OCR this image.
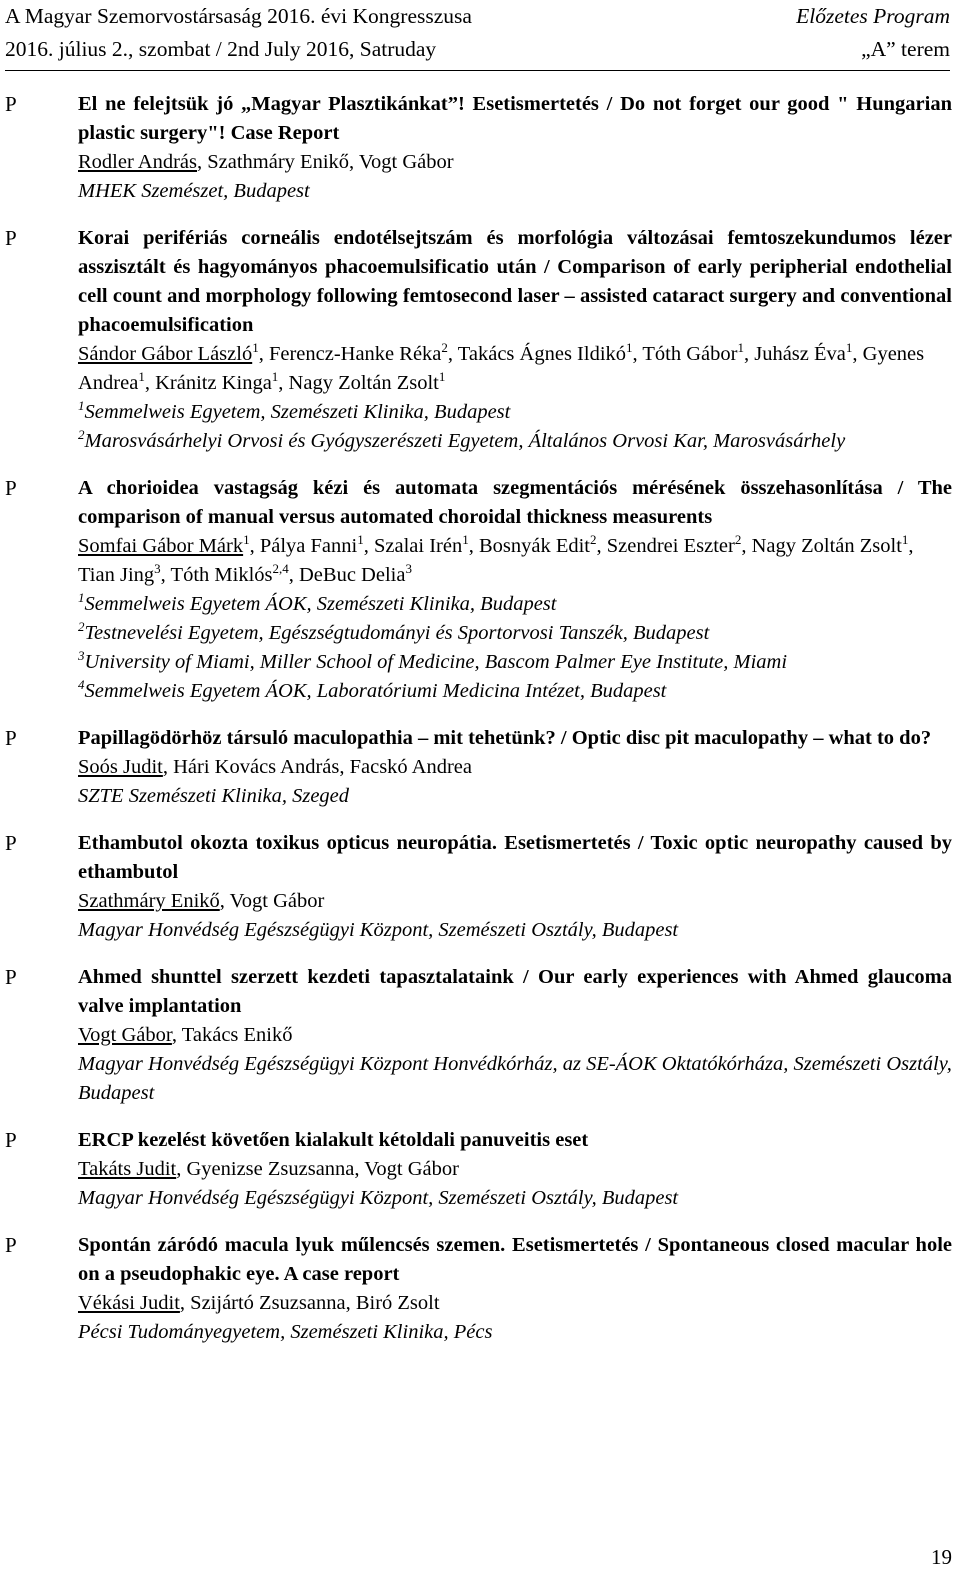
A Magyar Szemorvostársaság 2016. évi Kongresszusa	Előzetes Program
2016. július 2., szombat / 2nd July 2016, Satruday	„A” terem
P	El ne felejtsük jó „Magyar Plasztikánkat”! Esetismertetés / Do not forget our good " Hungarian plastic surgery"! Case Report
Rodler András, Szathmáry Enikő, Vogt Gábor
MHEK Szemészet, Budapest
P	Korai perifériás corneális endotélsejtszám és morfológia változásai femtoszekundumos lézer asszisztált és hagyományos phacoemulsificatio után / Comparison of early peripherial endothelial cell count and morphology following femtosecond laser – assisted cataract surgery and conventional phacoemulsification
Sándor Gábor László$^1$, Ferencz-Hanke Réka$^2$, Takács Ágnes Ildikó$^1$, Tóth Gábor$^1$, Juhász Éva$^1$, Gyenes Andrea$^1$, Kránitz Kinga$^1$, Nagy Zoltán Zsolt$^1$
$^1$Semmelweis Egyetem, Szemészeti Klinika, Budapest
$^2$Marosvásárhelyi Orvosi és Gyógyszerészeti Egyetem, Általános Orvosi Kar, Marosvásárhely
P	A chorioidea vastagság kézi és automata szegmentációs mérésének összehasonlítása / The comparison of manual versus automated choroidal thickness measurents
Somfai Gábor Márk$^1$, Pálya Fanni$^1$, Szalai Irén$^1$, Bosnyák Edit$^2$, Szendrei Eszter$^2$, Nagy Zoltán Zsolt$^1$, Tian Jing$^3$, Tóth Miklós$^{2,4}$, DeBuc Delia$^3$
$^1$Semmelweis Egyetem ÁOK, Szemészeti Klinika, Budapest
$^2$Testnevelési Egyetem, Egészségtudományi és Sportorvosi Tanszék, Budapest
$^3$University of Miami, Miller School of Medicine, Bascom Palmer Eye Institute, Miami
$^4$Semmelweis Egyetem ÁOK, Laboratóriumi Medicina Intézet, Budapest
P	Papillagödörhöz társuló maculopathia – mit tehetünk? / Optic disc pit maculopathy – what to do?
Soós Judit, Hári Kovács András, Facskó Andrea
SZTE Szemészeti Klinika, Szeged
P	Ethambutol okozta toxikus opticus neuropátia. Esetismertetés / Toxic optic neuropathy caused by ethambutol
Szathmáry Enikő, Vogt Gábor
Magyar Honvédség Egészségügyi Központ, Szemészeti Osztály, Budapest
P	Ahmed shunttel szerzett kezdeti tapasztalataink / Our early experiences with Ahmed glaucoma valve implantation
Vogt Gábor, Takács Enikő
Magyar Honvédség Egészségügyi Központ Honvédkórház, az SE-ÁOK Oktatókórháza, Szemészeti Osztály, Budapest
P	ERCP kezelést követően kialakult kétoldali panuveitis eset
Takáts Judit, Gyenizse Zsuzsanna, Vogt Gábor
Magyar Honvédség Egészségügyi Központ, Szemészeti Osztály, Budapest
P	Spontán záródó macula lyuk műlencsés szemen. Esetismertetés / Spontaneous closed macular hole on a pseudophakic eye. A case report
Vékási Judit, Szijártó Zsuzsanna, Biró Zsolt
Pécsi Tudományegyetem, Szemészeti Klinika, Pécs
19
